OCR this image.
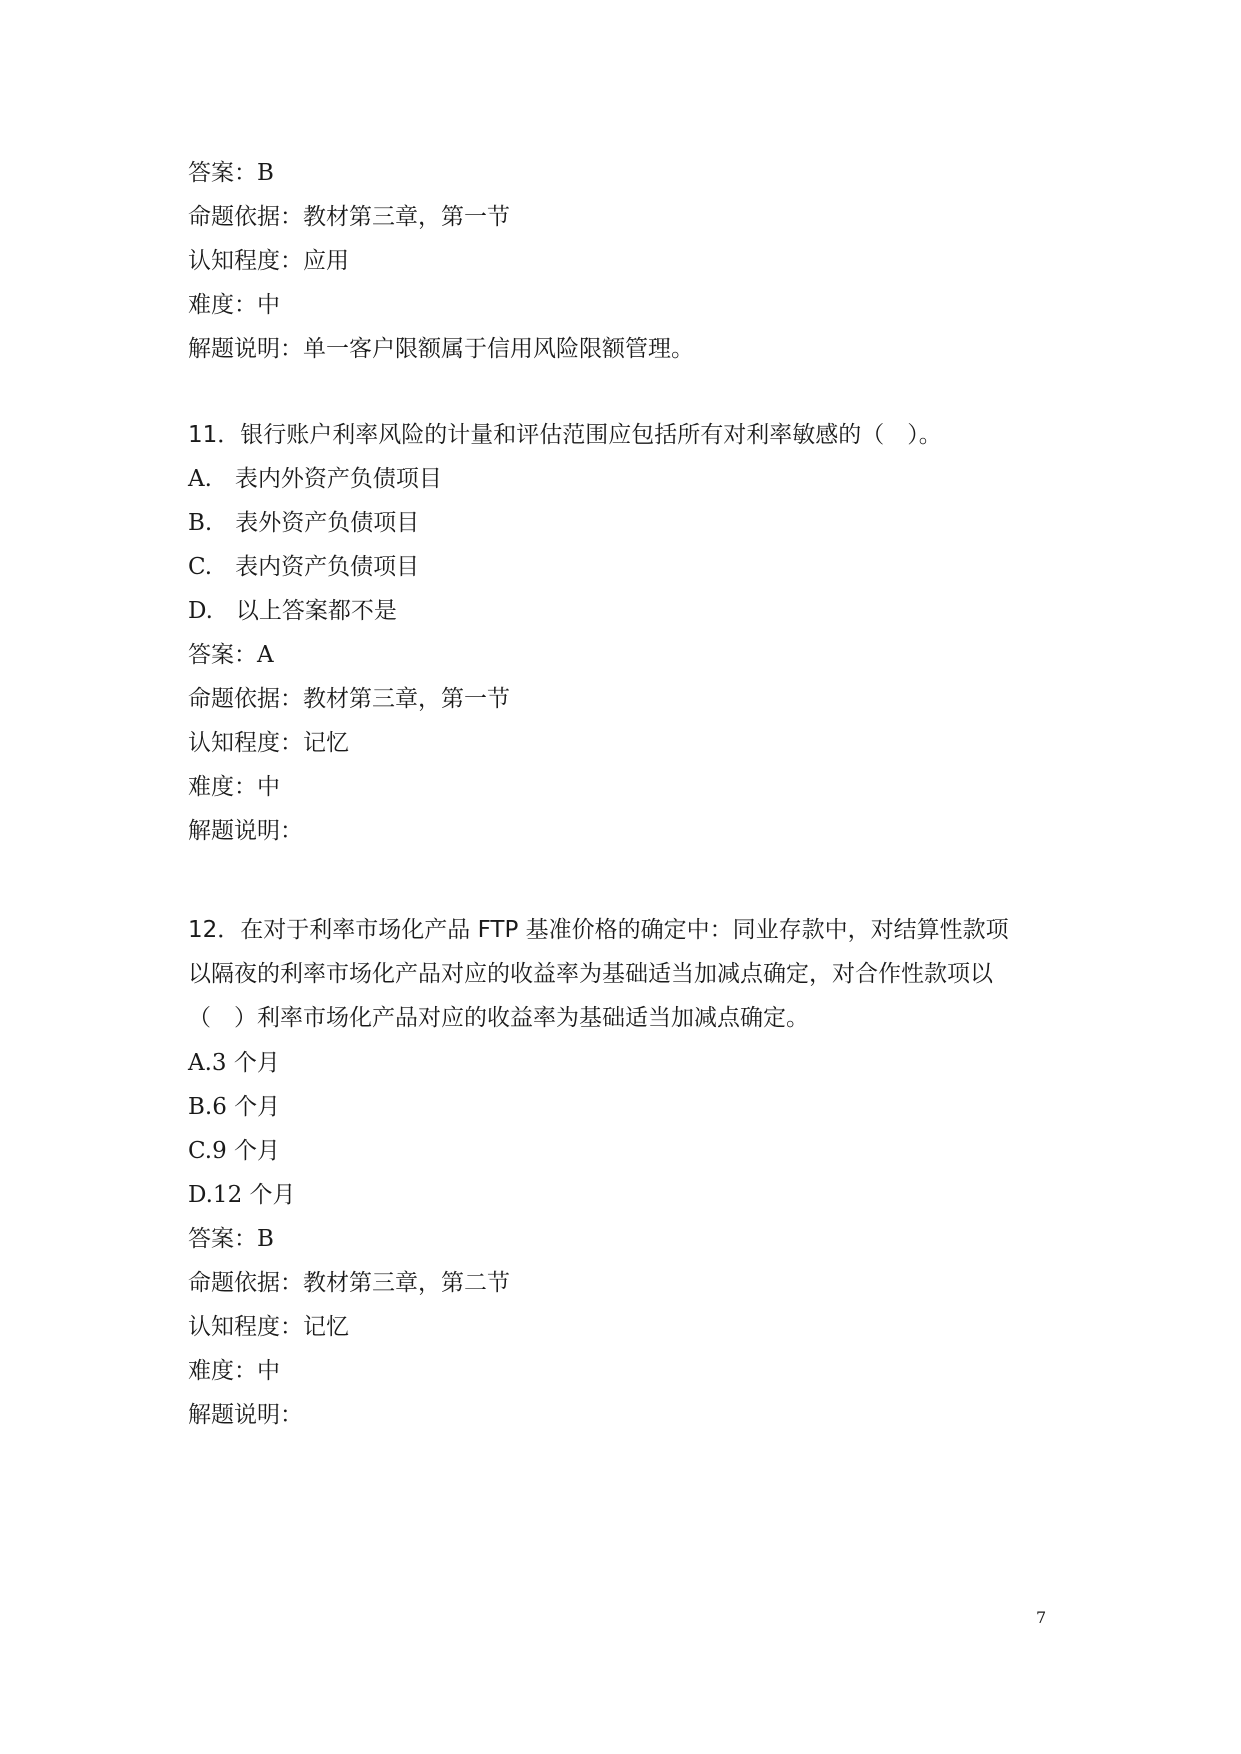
答案：B
命题依据：教材第三章，第一节
认知程度：应用
难度：中
解题说明：单一客户限额属于信用风险限额管理。
11．银行账户利率风险的计量和评估范围应包括所有对利率敏感的（　）。
A.　表内外资产负债项目
B.　表外资产负债项目
C.　表内资产负债项目
D.　以上答案都不是
答案：A
命题依据：教材第三章，第一节
认知程度：记忆
难度：中
解题说明：
12．在对于利率市场化产品 FTP 基准价格的确定中：同业存款中，对结算性款项
以隔夜的利率市场化产品对应的收益率为基础适当加减点确定，对合作性款项以
（　）利率市场化产品对应的收益率为基础适当加减点确定。
A.3 个月
B.6 个月
C.9 个月
D.12 个月
答案：B
命题依据：教材第三章，第二节
认知程度：记忆
难度：中
解题说明：
7
